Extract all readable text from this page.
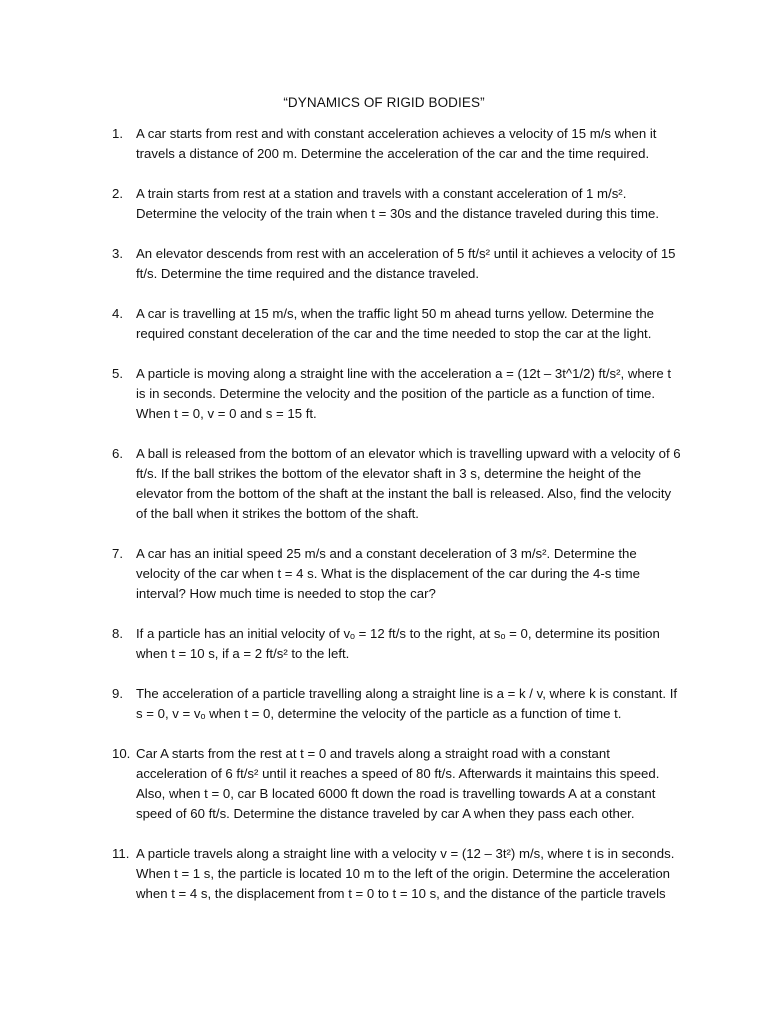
“DYNAMICS OF RIGID BODIES”
1. A car starts from rest and with constant acceleration achieves a velocity of 15 m/s when it travels a distance of 200 m. Determine the acceleration of the car and the time required.
2. A train starts from rest at a station and travels with a constant acceleration of 1 m/s². Determine the velocity of the train when t = 30s and the distance traveled during this time.
3. An elevator descends from rest with an acceleration of 5 ft/s² until it achieves a velocity of 15 ft/s. Determine the time required and the distance traveled.
4. A car is travelling at 15 m/s, when the traffic light 50 m ahead turns yellow. Determine the required constant deceleration of the car and the time needed to stop the car at the light.
5. A particle is moving along a straight line with the acceleration a = (12t – 3t^1/2) ft/s², where t is in seconds. Determine the velocity and the position of the particle as a function of time. When t = 0, v = 0 and s = 15 ft.
6. A ball is released from the bottom of an elevator which is travelling upward with a velocity of 6 ft/s. If the ball strikes the bottom of the elevator shaft in 3 s, determine the height of the elevator from the bottom of the shaft at the instant the ball is released. Also, find the velocity of the ball when it strikes the bottom of the shaft.
7. A car has an initial speed 25 m/s and a constant deceleration of 3 m/s². Determine the velocity of the car when t = 4 s. What is the displacement of the car during the 4-s time interval? How much time is needed to stop the car?
8. If a particle has an initial velocity of vₒ = 12 ft/s to the right, at sₒ = 0, determine its position when t = 10 s, if a = 2 ft/s² to the left.
9. The acceleration of a particle travelling along a straight line is a = k / v, where k is constant. If s = 0, v = vₒ when t = 0, determine the velocity of the particle as a function of time t.
10. Car A starts from the rest at t = 0 and travels along a straight road with a constant acceleration of 6 ft/s² until it reaches a speed of 80 ft/s. Afterwards it maintains this speed. Also, when t = 0, car B located 6000 ft down the road is travelling towards A at a constant speed of 60 ft/s. Determine the distance traveled by car A when they pass each other.
11. A particle travels along a straight line with a velocity v = (12 – 3t²) m/s, where t is in seconds. When t = 1 s, the particle is located 10 m to the left of the origin. Determine the acceleration when t = 4 s, the displacement from t = 0 to t = 10 s, and the distance of the particle travels
